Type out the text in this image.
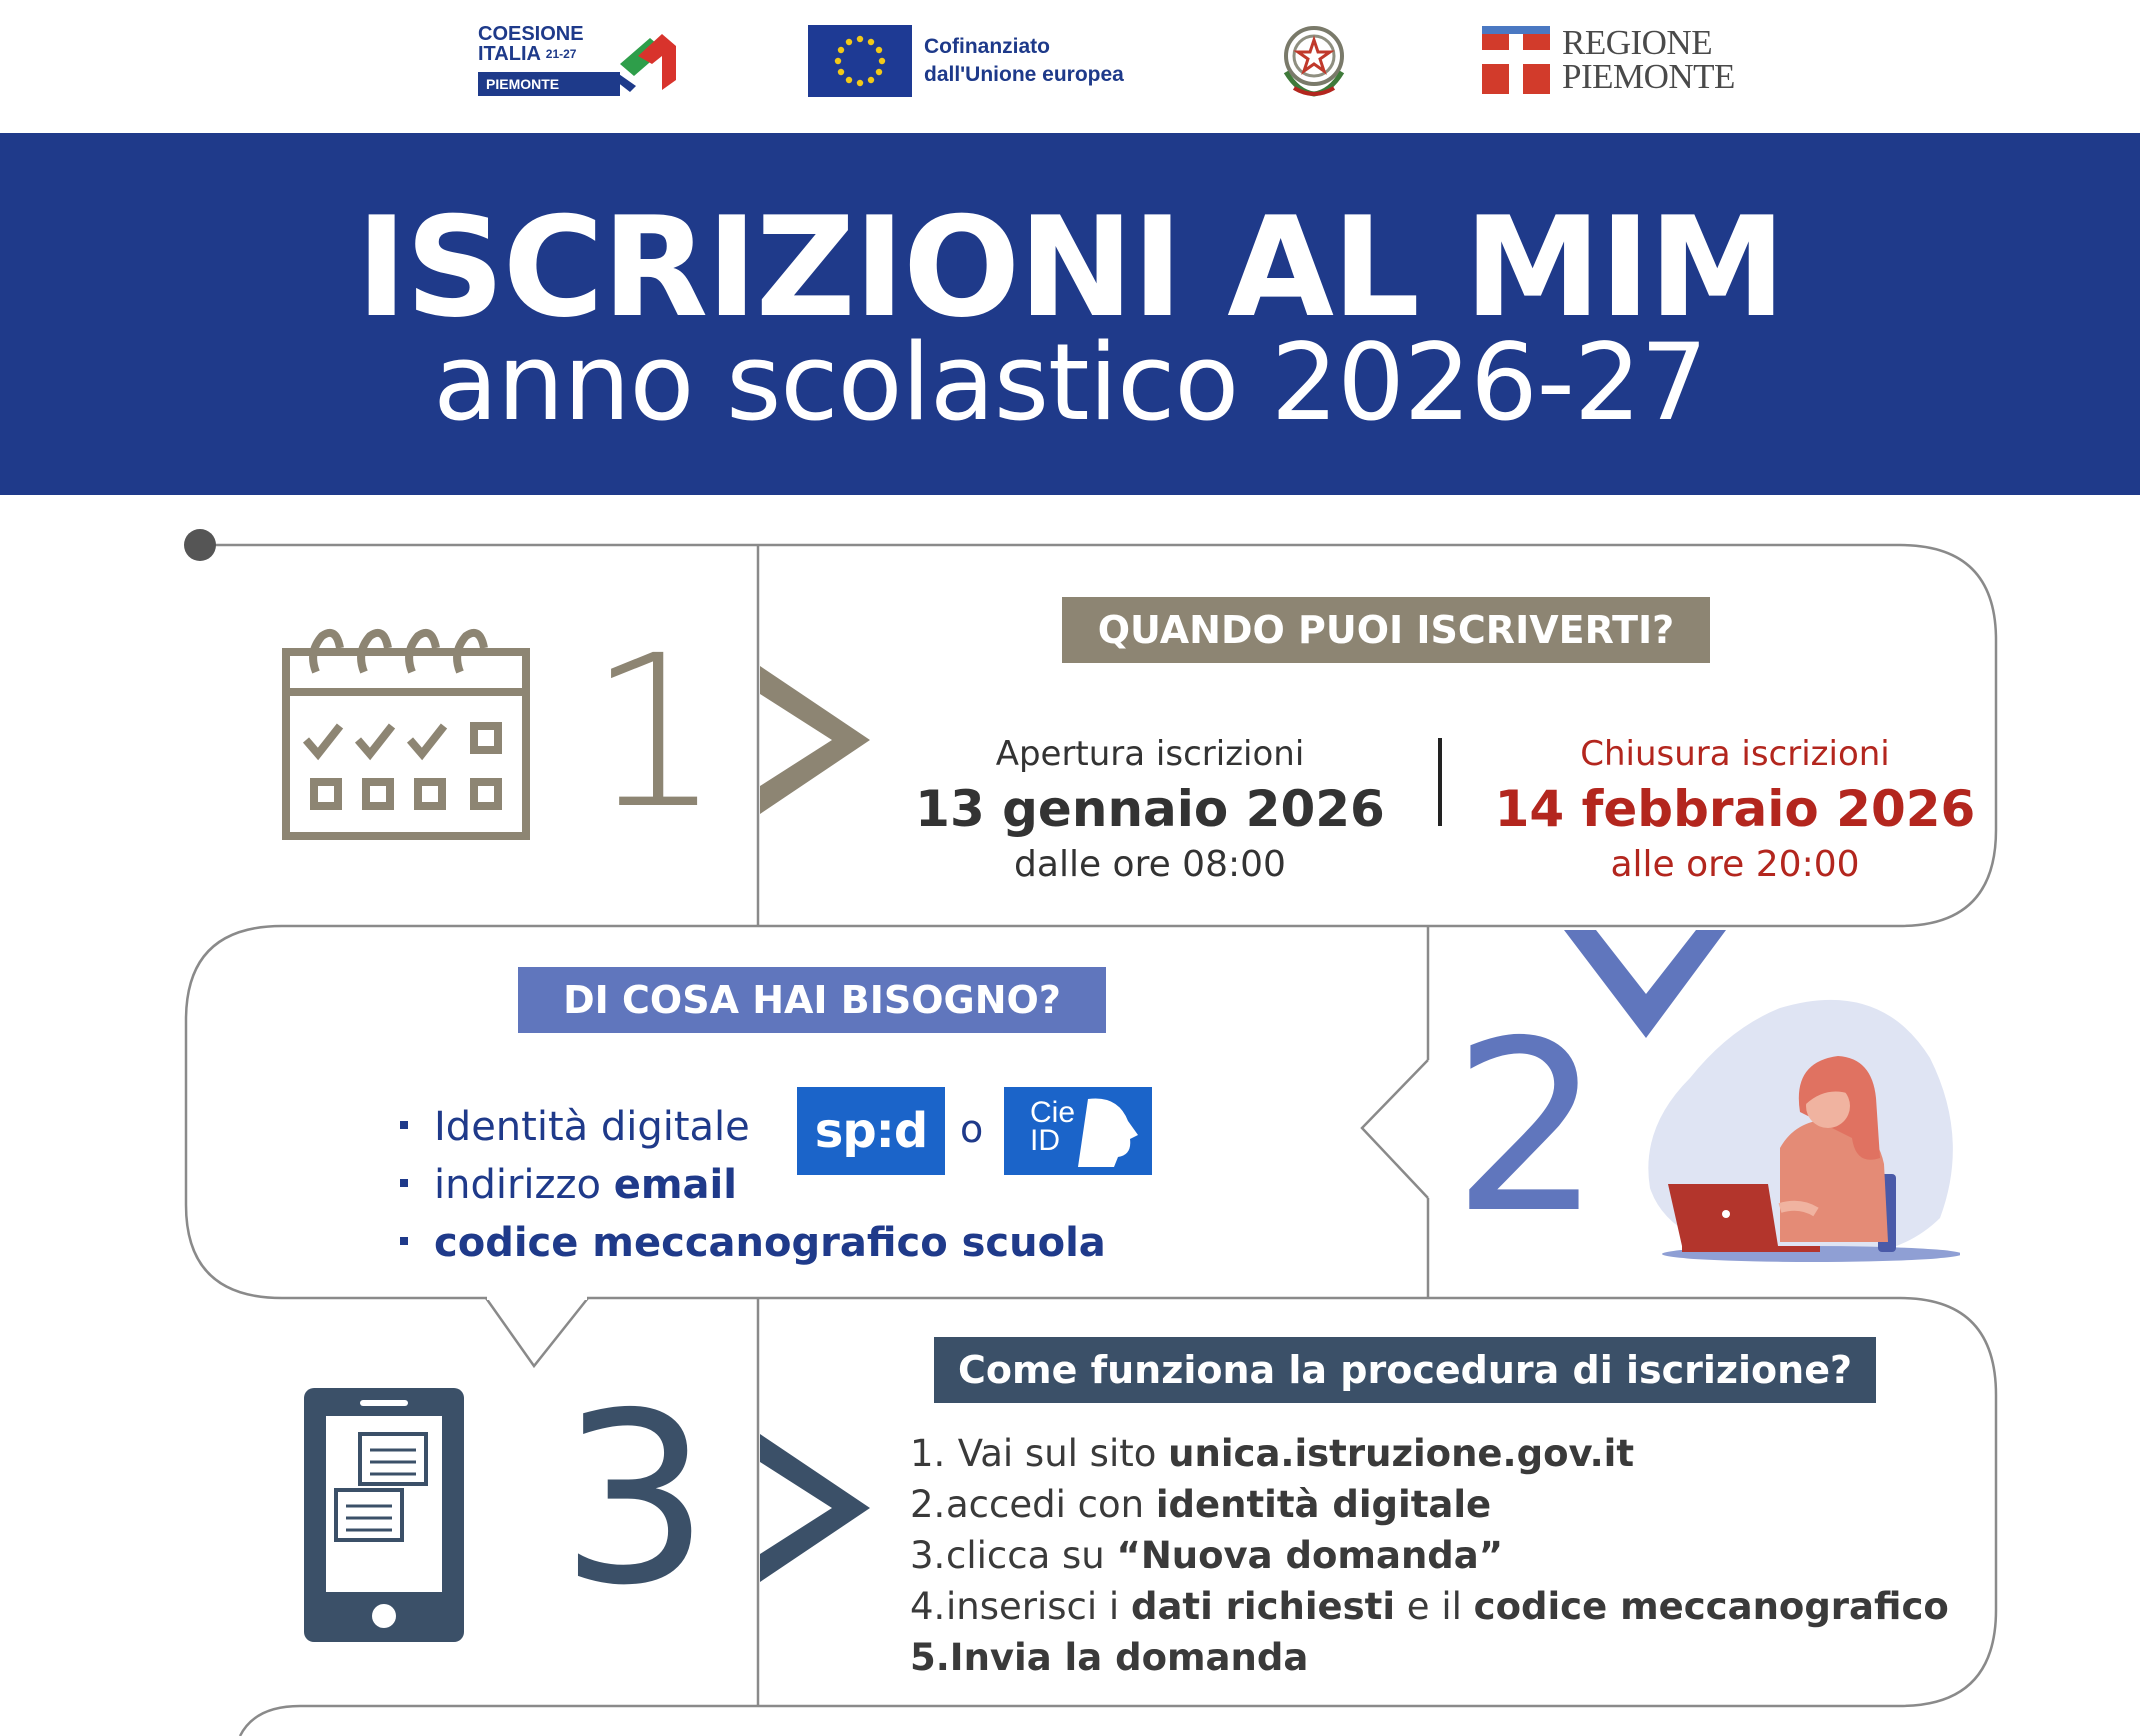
COESIONE
ITALIA $^{21-27}$
PIEMONTE
Cofinanziato
dall'Unione europea
REGIONE
PIEMONTE
ISCRIZIONI AL MIM
anno scolastico 2026-27
1	QUANDO PUOI ISCRIVERTI?
Apertura iscrizioni
13 gennaio 2026
dalle ore 08:00
Chiusura iscrizioni
14 febbraio 2026
alle ore 20:00
2
DI COSA HAI BISOGNO?
Identità digitale
indirizzo email
codice meccanografico scuola
sp:d o Cie
ID
3	Come funziona la procedura di iscrizione?
1. Vai sul sito unica.istruzione.gov.it
2.accedi con identità digitale
3.clicca su “Nuova domanda”
4.inserisci i dati richiesti e il codice meccanografico
5.Invia la domanda
